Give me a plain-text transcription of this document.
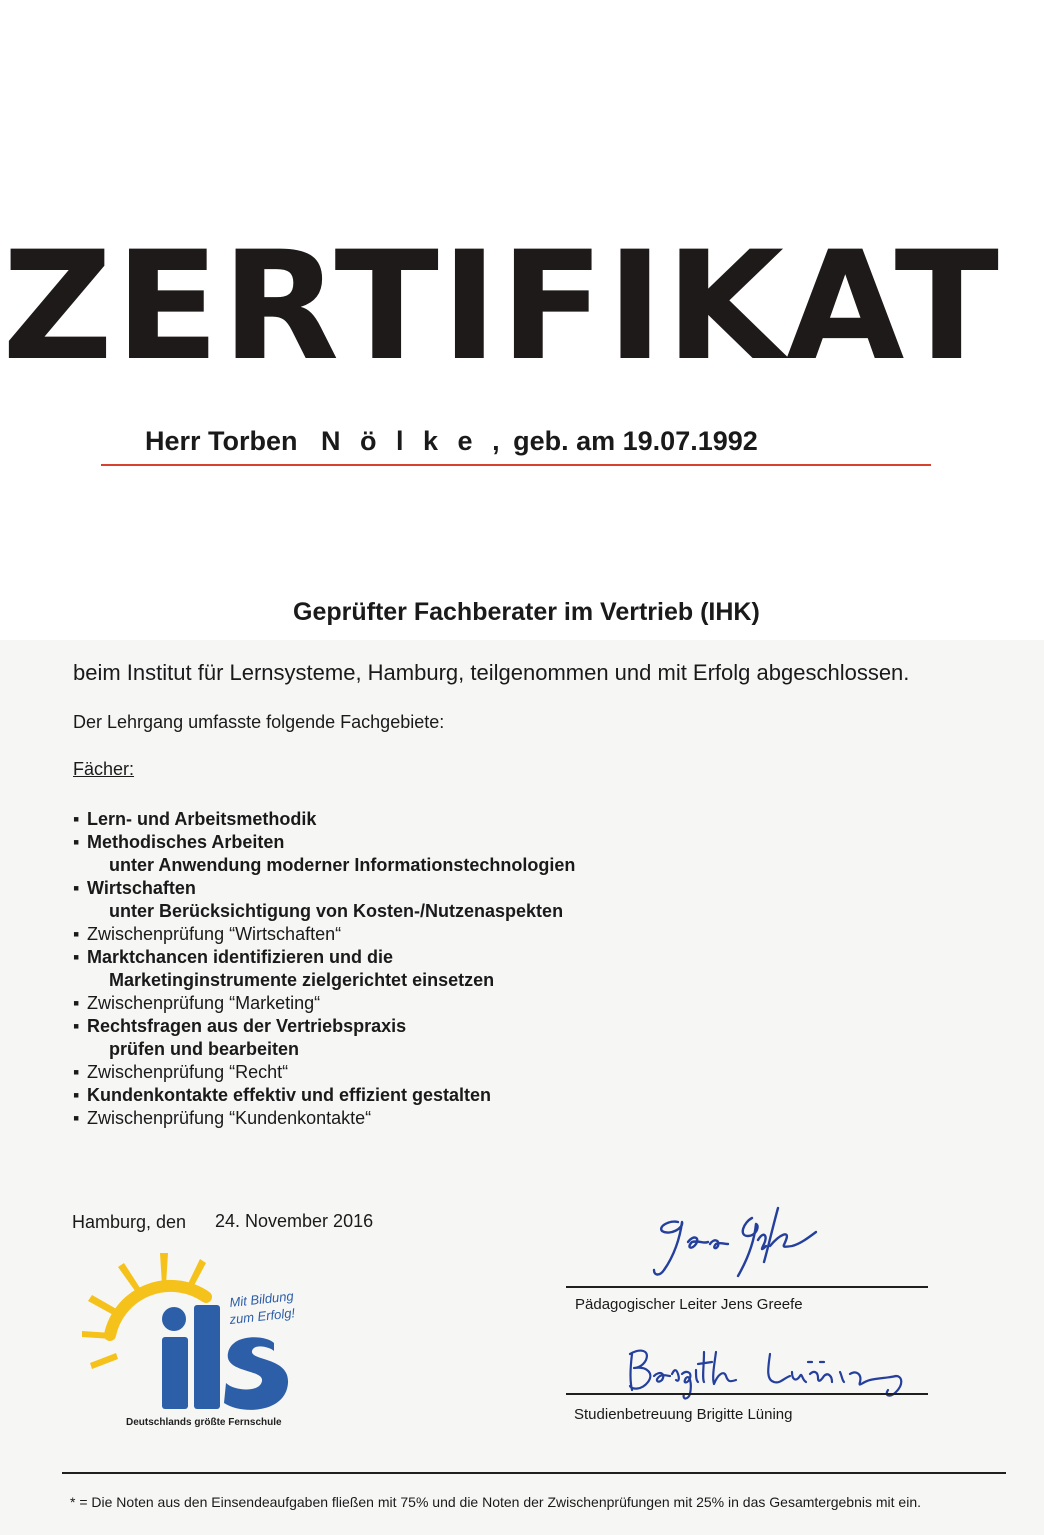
ZERTIFIKAT
Herr Torben N ö l k e , geb. am 19.07.1992
Geprüfter Fachberater im Vertrieb (IHK)
beim Institut für Lernsysteme, Hamburg, teilgenommen und mit Erfolg abgeschlossen.
Der Lehrgang umfasste folgende Fachgebiete:
Fächer:
▪ Lern- und Arbeitsmethodik
▪ Methodisches Arbeiten
unter Anwendung moderner Informationstechnologien
▪ Wirtschaften
unter Berücksichtigung von Kosten-/Nutzenaspekten
▪ Zwischenprüfung “Wirtschaften“
▪ Marktchancen identifizieren und die
Marketinginstrumente zielgerichtet einsetzen
▪ Zwischenprüfung “Marketing“
▪ Rechtsfragen aus der Vertriebspraxis
prüfen und bearbeiten
▪ Zwischenprüfung “Recht“
▪ Kundenkontakte effektiv und effizient gestalten
▪ Zwischenprüfung “Kundenkontakte“
Hamburg, den 24. November 2016
Pädagogischer Leiter Jens Greefe
Studienbetreuung Brigitte Lüning
Mit Bildung
zum Erfolg!
Deutschlands größte Fernschule
* = Die Noten aus den Einsendeaufgaben fließen mit 75% und die Noten der Zwischenprüfungen mit 25% in das Gesamtergebnis mit ein.
